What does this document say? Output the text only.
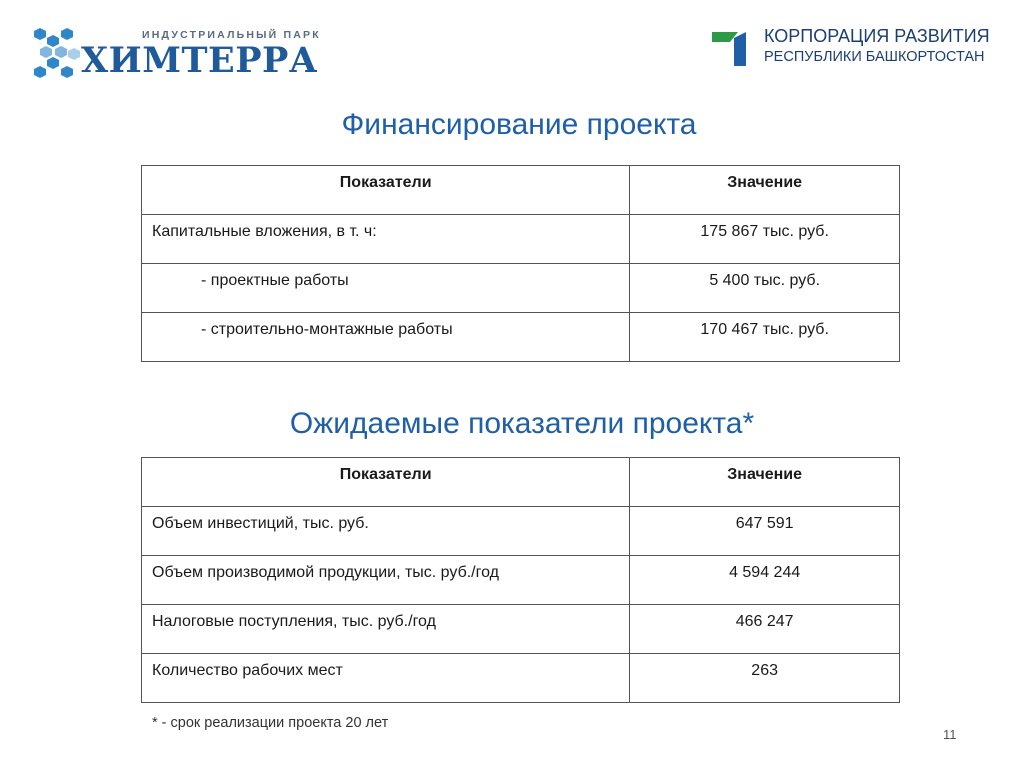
ИНДУСТРИАЛЬНЫЙ ПАРК
ХИМТЕРРА
КОРПОРАЦИЯ РАЗВИТИЯ
РЕСПУБЛИКИ БАШКОРТОСТАН
Финансирование проекта
Показатели	Значение
Капитальные вложения, в т. ч:	175 867 тыс. руб.
- проектные работы	5 400 тыс. руб.
- строительно-монтажные работы	170 467 тыс. руб.
Ожидаемые показатели проекта*
Показатели	Значение
Объем инвестиций, тыс. руб.	647 591
Объем производимой продукции, тыс. руб./год	4 594 244
Налоговые поступления, тыс. руб./год	466 247
Количество рабочих мест	263
* - срок реализации проекта 20 лет
11
